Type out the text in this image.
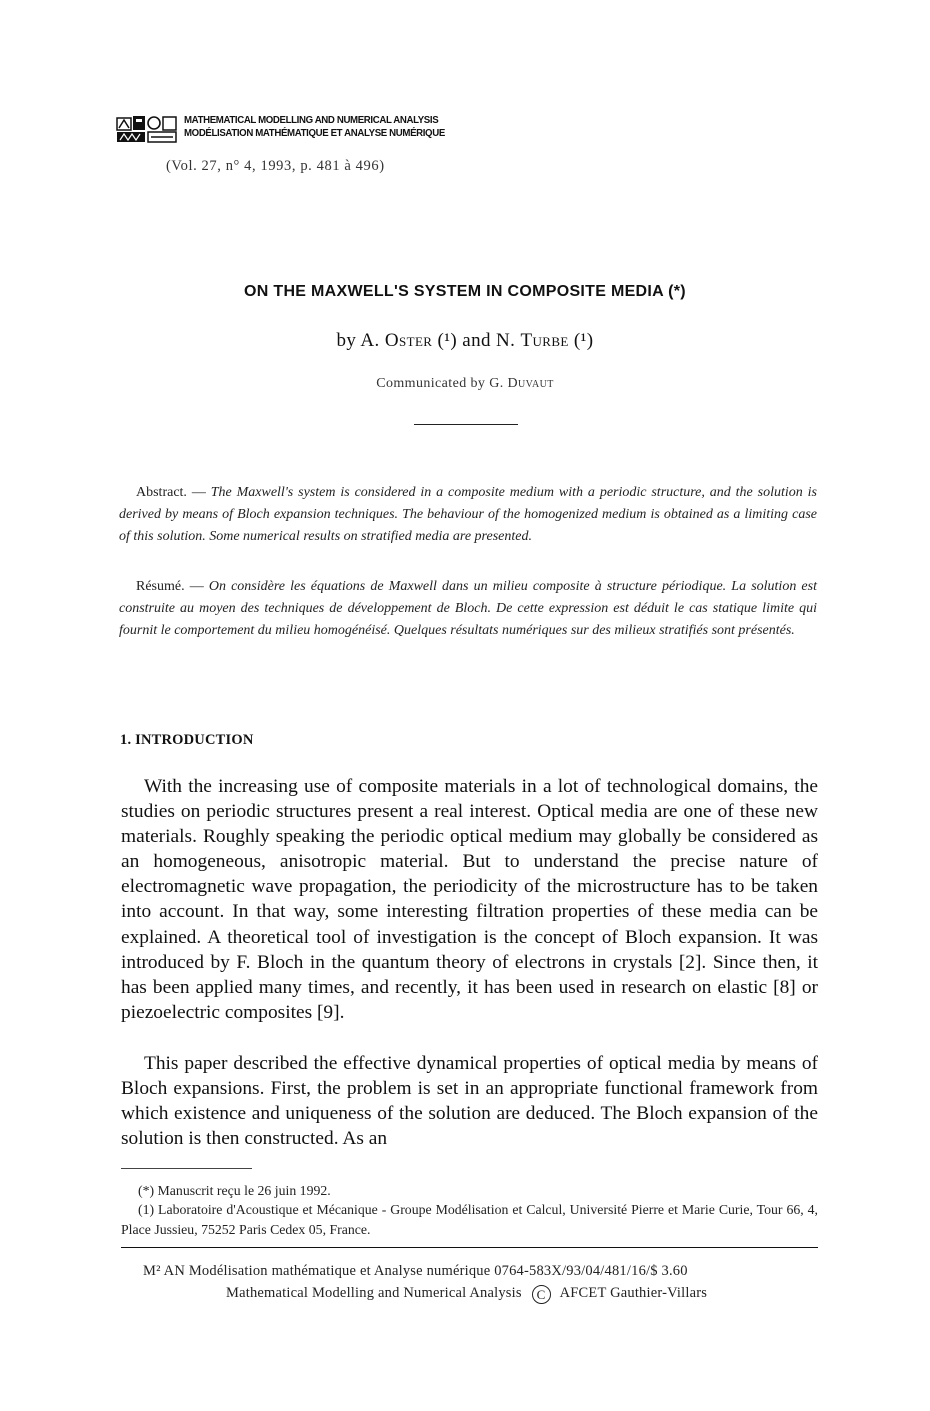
MATHEMATICAL MODELLING AND NUMERICAL ANALYSIS
MODÉLISATION MATHÉMATIQUE ET ANALYSE NUMÉRIQUE
(Vol. 27, n° 4, 1993, p. 481 à 496)
ON THE MAXWELL'S SYSTEM IN COMPOSITE MEDIA (*)
by A. Oster (¹) and N. Turbe (¹)
Communicated by G. Duvaut
Abstract. — The Maxwell's system is considered in a composite medium with a periodic structure, and the solution is derived by means of Bloch expansion techniques. The behaviour of the homogenized medium is obtained as a limiting case of this solution. Some numerical results on stratified media are presented.
Résumé. — On considère les équations de Maxwell dans un milieu composite à structure périodique. La solution est construite au moyen des techniques de développement de Bloch. De cette expression est déduit le cas statique limite qui fournit le comportement du milieu homogénéisé. Quelques résultats numériques sur des milieux stratifiés sont présentés.
1. INTRODUCTION
With the increasing use of composite materials in a lot of technological domains, the studies on periodic structures present a real interest. Optical media are one of these new materials. Roughly speaking the periodic optical medium may globally be considered as an homogeneous, anisotropic material. But to understand the precise nature of electromagnetic wave propagation, the periodicity of the microstructure has to be taken into account. In that way, some interesting filtration properties of these media can be explained. A theoretical tool of investigation is the concept of Bloch expansion. It was introduced by F. Bloch in the quantum theory of electrons in crystals [2]. Since then, it has been applied many times, and recently, it has been used in research on elastic [8] or piezoelectric composites [9].
This paper described the effective dynamical properties of optical media by means of Bloch expansions. First, the problem is set in an appropriate functional framework from which existence and uniqueness of the solution are deduced. The Bloch expansion of the solution is then constructed. As an
(*) Manuscrit reçu le 26 juin 1992.
(1) Laboratoire d'Acoustique et Mécanique - Groupe Modélisation et Calcul, Université Pierre et Marie Curie, Tour 66, 4, Place Jussieu, 75252 Paris Cedex 05, France.
M² AN Modélisation mathématique et Analyse numérique 0764-583X/93/04/481/16/$ 3.60
Mathematical Modelling and Numerical Analysis C AFCET Gauthier-Villars
